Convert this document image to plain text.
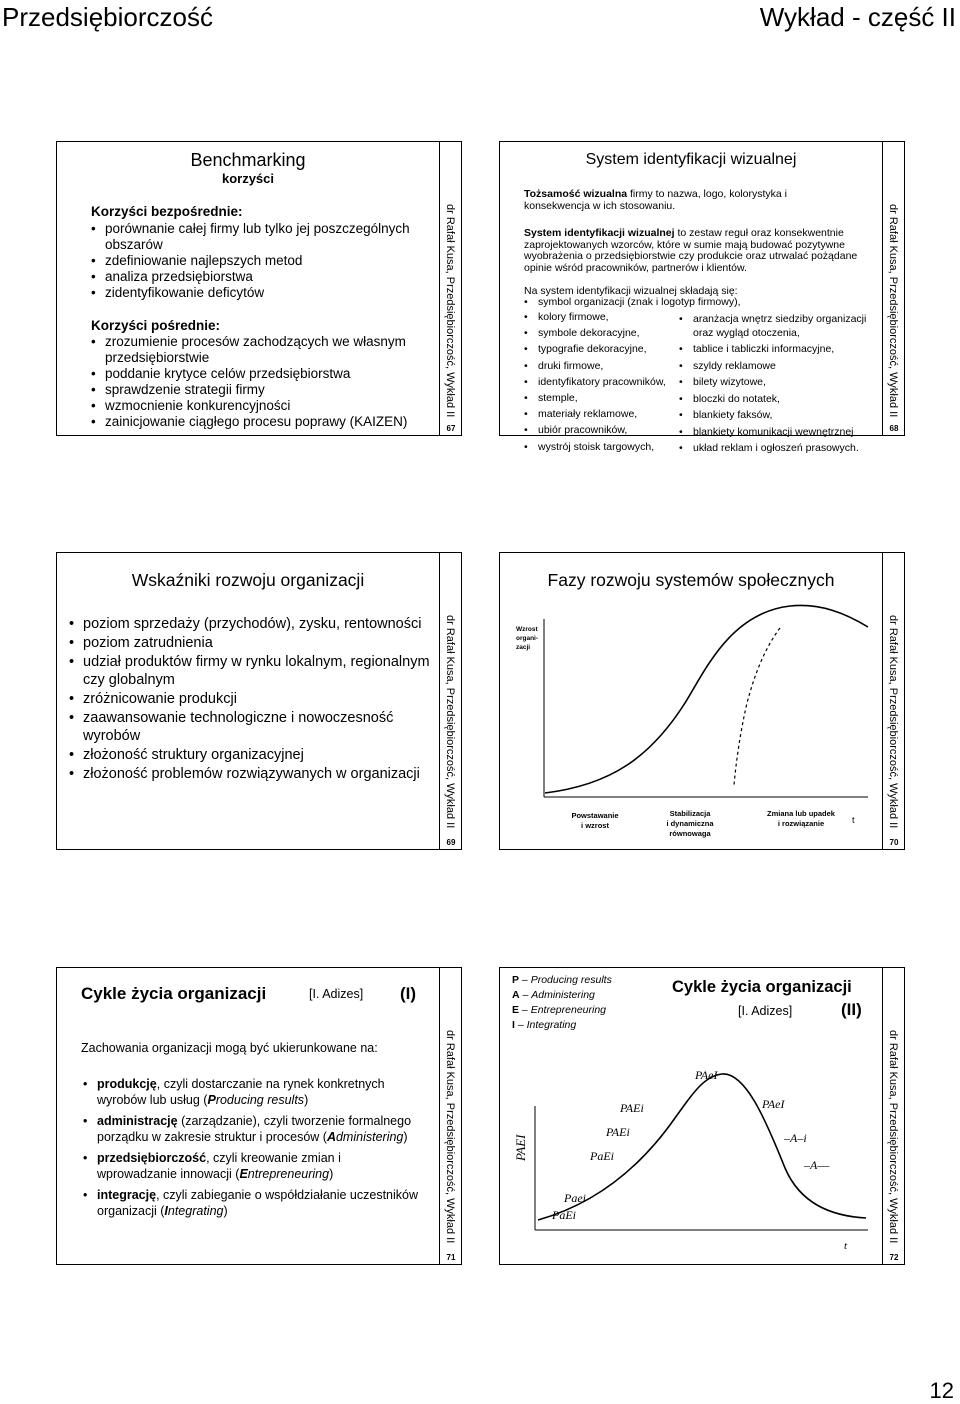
Przedsiębiorczość	Wykład - część II
Benchmarking
korzyści
Korzyści bezpośrednie:
• porównanie całej firmy lub tylko jej poszczególnych obszarów
• zdefiniowanie najlepszych metod
• analiza przedsiębiorstwa
• zidentyfikowanie deficytów
Korzyści pośrednie:
• zrozumienie procesów zachodzących we własnym przedsiębiorstwie
• poddanie krytyce celów przedsiębiorstwa
• sprawdzenie strategii firmy
• wzmocnienie konkurencyjności
• zainicjowanie ciągłego procesu poprawy (KAIZEN)
dr Rafał Kusa, Przedsiębiorczość, Wykład II
67
System identyfikacji wizualnej
Tożsamość wizualna firmy to nazwa, logo, kolorystyka i konsekwencja w ich stosowaniu.
System identyfikacji wizualnej to zestaw reguł oraz konsekwentnie zaprojektowanych wzorców, które w sumie mają budować pozytywne wyobrażenia o przedsiębiorstwie czy produkcie oraz utrwalać pożądane opinie wśród pracowników, partnerów i klientów.
Na system identyfikacji wizualnej składają się:
• symbol organizacji (znak i logotyp firmowy),
• kolory firmowe,
• symbole dekoracyjne,
• typografie dekoracyjne,
• druki firmowe,
• identyfikatory pracowników,
• stemple,
• materiały reklamowe,
• ubiór pracowników,
• wystrój stoisk targowych,
• aranżacja wnętrz siedziby organizacji oraz wygląd otoczenia,
• tablice i tabliczki informacyjne,
• szyldy reklamowe
• bilety wizytowe,
• bloczki do notatek,
• blankiety faksów,
• blankiety komunikacji wewnętrznej
• układ reklam i ogłoszeń prasowych.
dr Rafał Kusa, Przedsiębiorczość, Wykład II
68
Wskaźniki rozwoju organizacji
• poziom sprzedaży (przychodów), zysku, rentowności
• poziom zatrudnienia
• udział produktów firmy w rynku lokalnym, regionalnym czy globalnym
• zróżnicowanie produkcji
• zaawansowanie technologiczne i nowoczesność wyrobów
• złożoność struktury organizacyjnej
• złożoność problemów rozwiązywanych w organizacji	dr Rafał Kusa, Przedsiębiorczość, Wykład II
69
Fazy rozwoju systemów społecznych
Wzrost
organi-
zacji
Powstawanie
i wzrost
Stabilizacja
i dynamiczna
równowaga
Zmiana lub upadek
i rozwiązanie	t	dr Rafał Kusa, Przedsiębiorczość, Wykład II
70
Cykle życia organizacji	[I. Adizes] (I)
Zachowania organizacji mogą być ukierunkowane na:
• produkcję, czyli dostarczanie na rynek konkretnych wyrobów lub usług (Producing results)
• administrację (zarządzanie), czyli tworzenie formalnego porządku w zakresie struktur i procesów (Administering)
• przedsiębiorczość, czyli kreowanie zmian i wprowadzanie innowacji (Entrepreneuring)
• integrację, czyli zabieganie o współdziałanie uczestników organizacji (Integrating)	dr Rafał Kusa, Przedsiębiorczość, Wykład II
71
P – Producing results
A – Administering
E – Entrepreneuring
I – Integrating
Cykle życia organizacji
[I. Adizes]	(II)
PAEI
t
Paei
PaEi
PaEi
PAEi
PAEi
PAeI
PAeI
–A–i
–A––	dr Rafał Kusa, Przedsiębiorczość, Wykład II
72
12
